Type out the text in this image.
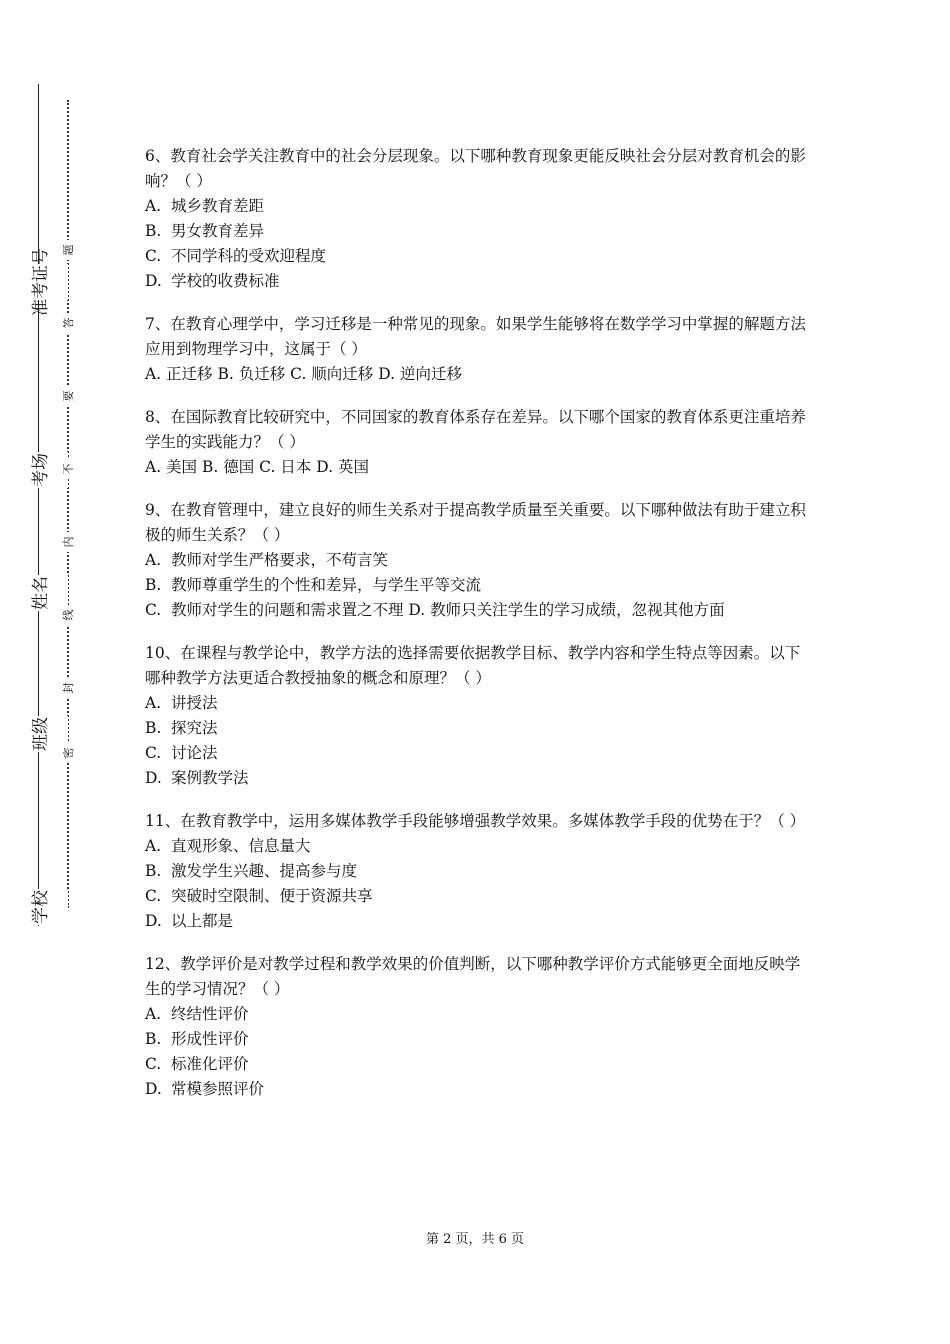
准考证号
考场
姓名
班级
学校
题
答
要
不
内
线
封
密
6、教育社会学关注教育中的社会分层现象。以下哪种教育现象更能反映社会分层对教育机会的影响？（ ）
A. 城乡教育差距
B. 男女教育差异
C. 不同学科的受欢迎程度
D. 学校的收费标准
7、在教育心理学中，学习迁移是一种常见的现象。如果学生能够将在数学学习中掌握的解题方法应用到物理学习中，这属于（ ）
A. 正迁移 B. 负迁移 C. 顺向迁移 D. 逆向迁移
8、在国际教育比较研究中，不同国家的教育体系存在差异。以下哪个国家的教育体系更注重培养学生的实践能力？（ ）
A. 美国 B. 德国 C. 日本 D. 英国
9、在教育管理中，建立良好的师生关系对于提高教学质量至关重要。以下哪种做法有助于建立积极的师生关系？（ ）
A. 教师对学生严格要求，不苟言笑
B. 教师尊重学生的个性和差异，与学生平等交流
C. 教师对学生的问题和需求置之不理 D. 教师只关注学生的学习成绩，忽视其他方面
10、在课程与教学论中，教学方法的选择需要依据教学目标、教学内容和学生特点等因素。以下哪种教学方法更适合教授抽象的概念和原理？（ ）
A. 讲授法
B. 探究法
C. 讨论法
D. 案例教学法
11、在教育教学中，运用多媒体教学手段能够增强教学效果。多媒体教学手段的优势在于？（ ）
A. 直观形象、信息量大
B. 激发学生兴趣、提高参与度
C. 突破时空限制、便于资源共享
D. 以上都是
12、教学评价是对教学过程和教学效果的价值判断，以下哪种教学评价方式能够更全面地反映学生的学习情况？（ ）
A. 终结性评价
B. 形成性评价
C. 标准化评价
D. 常模参照评价
第 2 页，共 6 页
